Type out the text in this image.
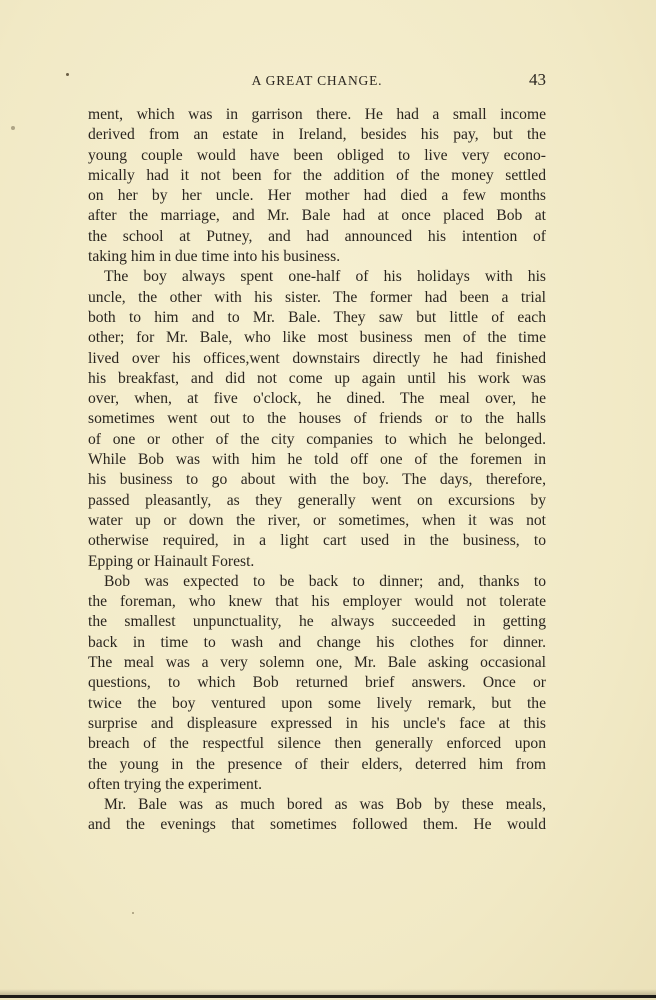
A GREAT CHANGE.	43
ment, which was in garrison there. He had a small income
derived from an estate in Ireland, besides his pay, but the
young couple would have been obliged to live very econo-
mically had it not been for the addition of the money settled
on her by her uncle. Her mother had died a few months
after the marriage, and Mr. Bale had at once placed Bob at
the school at Putney, and had announced his intention of
taking him in due time into his business.
The boy always spent one-half of his holidays with his
uncle, the other with his sister. The former had been a trial
both to him and to Mr. Bale. They saw but little of each
other; for Mr. Bale, who like most business men of the time
lived over his offices,went downstairs directly he had finished
his breakfast, and did not come up again until his work was
over, when, at five o'clock, he dined. The meal over, he
sometimes went out to the houses of friends or to the halls
of one or other of the city companies to which he belonged.
While Bob was with him he told off one of the foremen in
his business to go about with the boy. The days, therefore,
passed pleasantly, as they generally went on excursions by
water up or down the river, or sometimes, when it was not
otherwise required, in a light cart used in the business, to
Epping or Hainault Forest.
Bob was expected to be back to dinner; and, thanks to
the foreman, who knew that his employer would not tolerate
the smallest unpunctuality, he always succeeded in getting
back in time to wash and change his clothes for dinner.
The meal was a very solemn one, Mr. Bale asking occasional
questions, to which Bob returned brief answers. Once or
twice the boy ventured upon some lively remark, but the
surprise and displeasure expressed in his uncle's face at this
breach of the respectful silence then generally enforced upon
the young in the presence of their elders, deterred him from
often trying the experiment.
Mr. Bale was as much bored as was Bob by these meals,
and the evenings that sometimes followed them. He would
